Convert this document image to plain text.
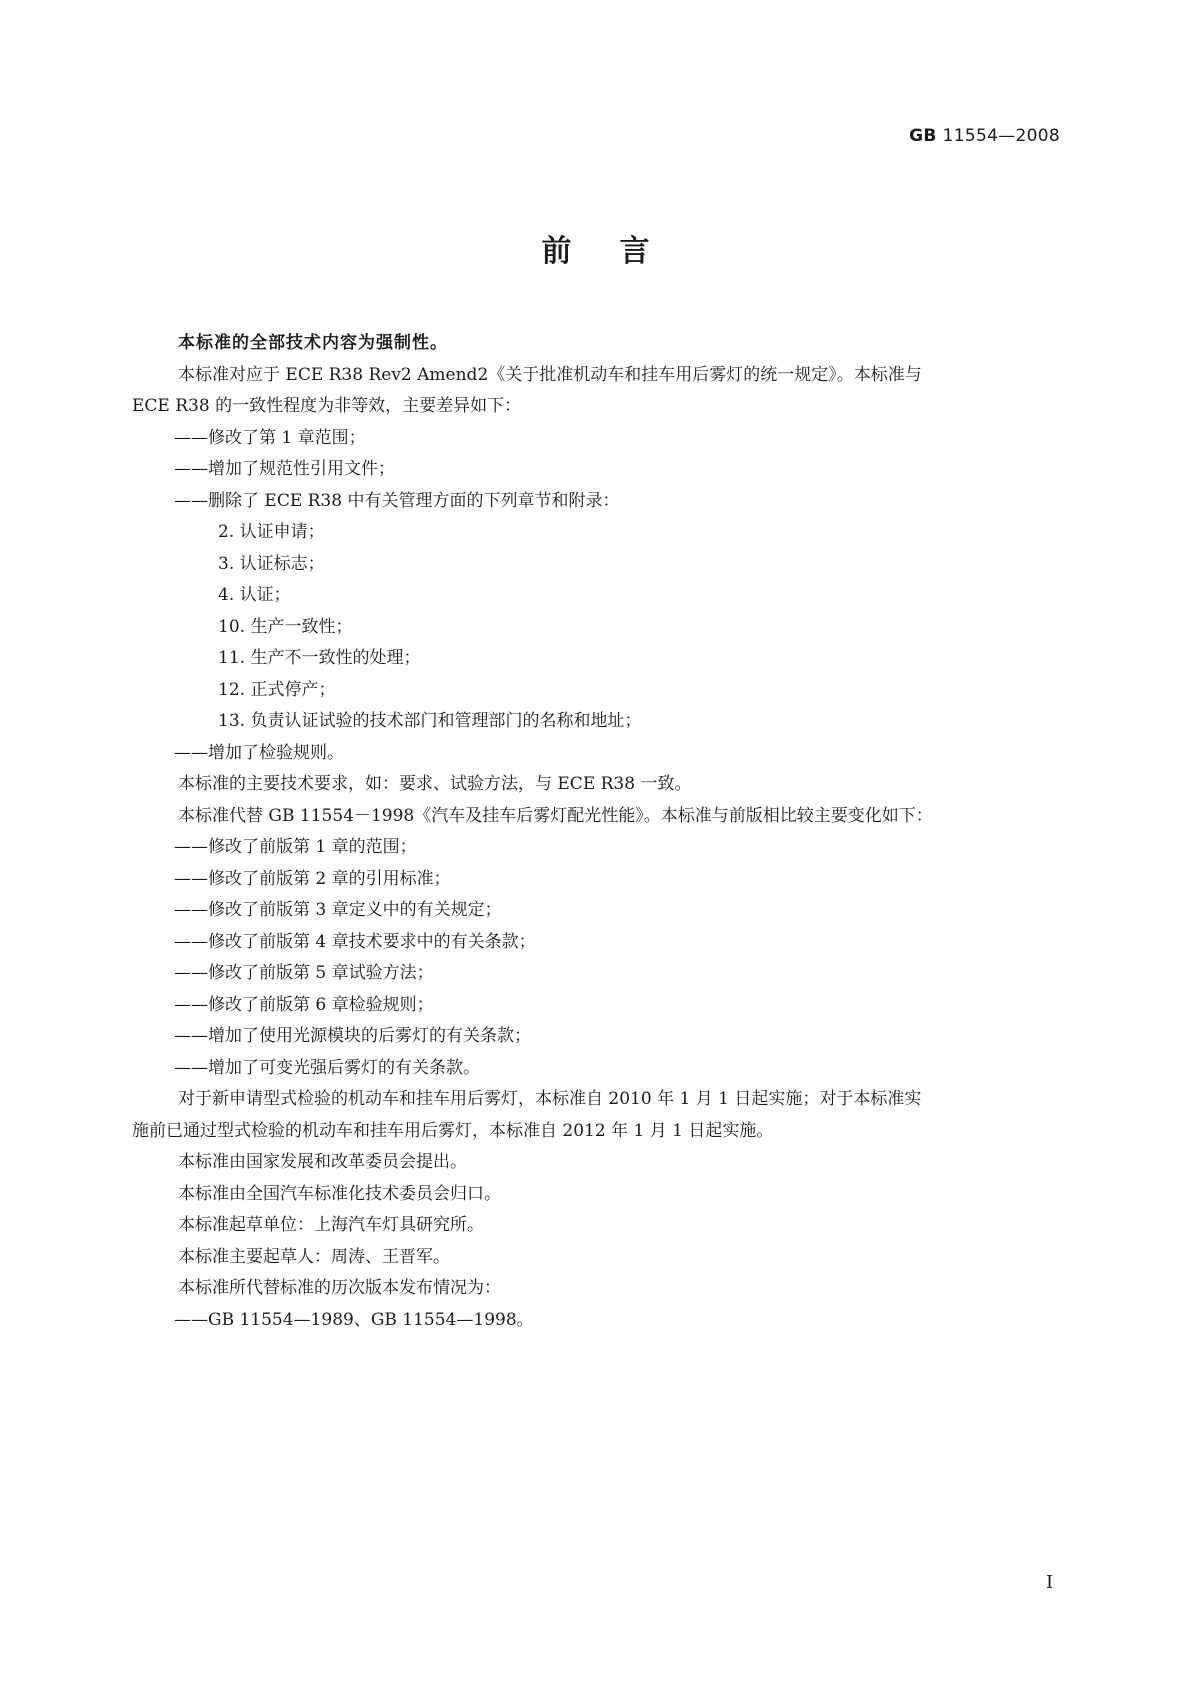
GB 11554—2008
前言
本标准的全部技术内容为强制性。
本标准对应于 ECE R38 Rev2 Amend2《关于批准机动车和挂车用后雾灯的统一规定》。本标准与
ECE R38 的一致性程度为非等效，主要差异如下：
——修改了第 1 章范围；
——增加了规范性引用文件；
——删除了 ECE R38 中有关管理方面的下列章节和附录：
2. 认证申请；
3. 认证标志；
4. 认证；
10. 生产一致性；
11. 生产不一致性的处理；
12. 正式停产；
13. 负责认证试验的技术部门和管理部门的名称和地址；
——增加了检验规则。
本标准的主要技术要求，如：要求、试验方法，与 ECE R38 一致。
本标准代替 GB 11554－1998《汽车及挂车后雾灯配光性能》。本标准与前版相比较主要变化如下：
——修改了前版第 1 章的范围；
——修改了前版第 2 章的引用标准；
——修改了前版第 3 章定义中的有关规定；
——修改了前版第 4 章技术要求中的有关条款；
——修改了前版第 5 章试验方法；
——修改了前版第 6 章检验规则；
——增加了使用光源模块的后雾灯的有关条款；
——增加了可变光强后雾灯的有关条款。
对于新申请型式检验的机动车和挂车用后雾灯，本标准自 2010 年 1 月 1 日起实施；对于本标准实
施前已通过型式检验的机动车和挂车用后雾灯，本标准自 2012 年 1 月 1 日起实施。
本标准由国家发展和改革委员会提出。
本标准由全国汽车标准化技术委员会归口。
本标准起草单位：上海汽车灯具研究所。
本标准主要起草人：周涛、王晋军。
本标准所代替标准的历次版本发布情况为：
——GB 11554—1989、GB 11554—1998。
I
